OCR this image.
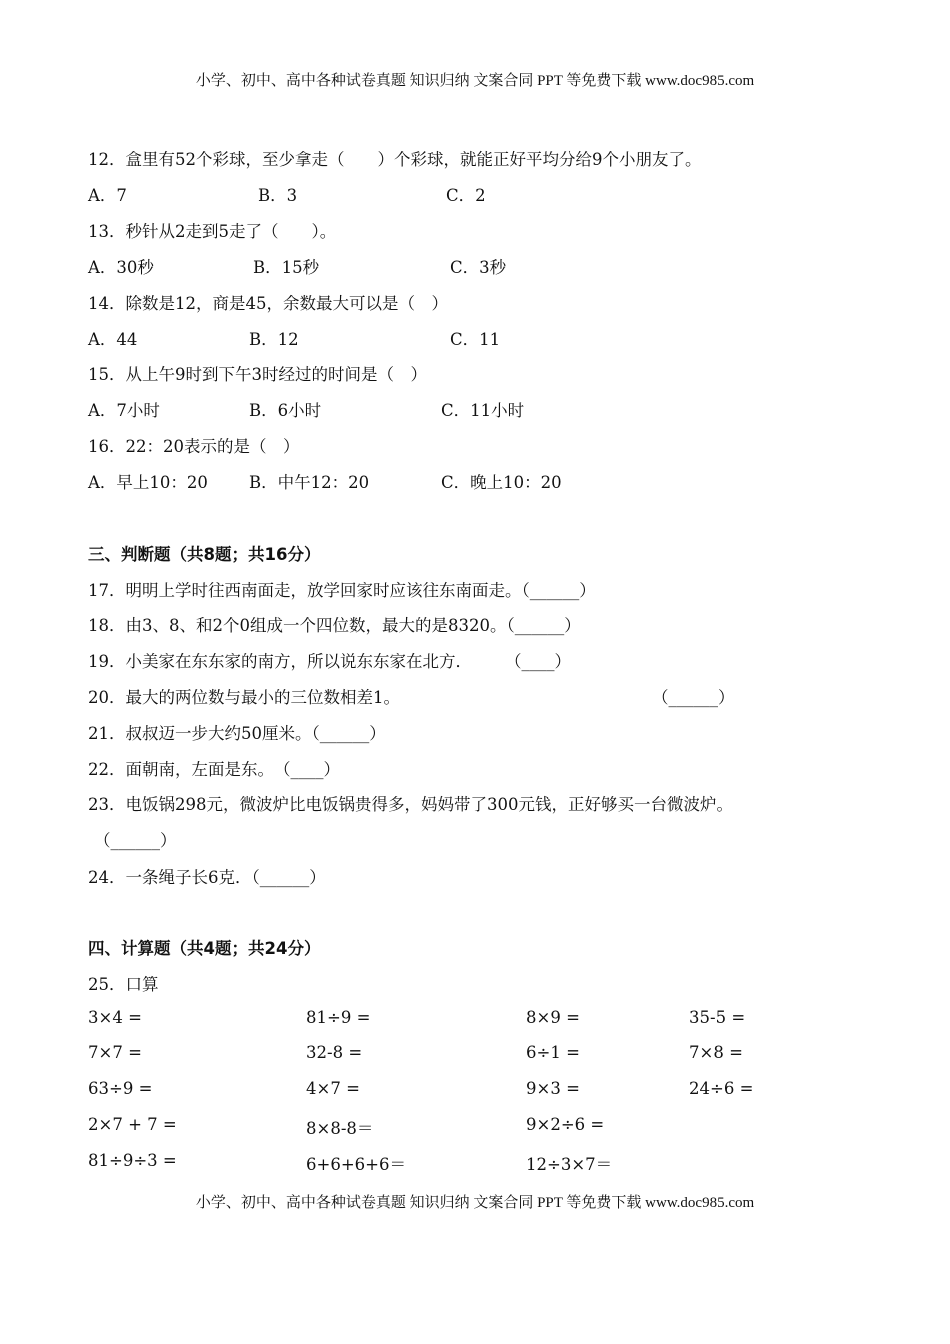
小学、初中、高中各种试卷真题 知识归纳 文案合同 PPT 等免费下载 www.doc985.com
12．盒里有52个彩球，至少拿走（　　）个彩球，就能正好平均分给9个小朋友了。
A．7	B．3	C．2
13．秒针从2走到5走了（　　）。
A．30秒	B．15秒	C．3秒
14．除数是12，商是45，余数最大可以是（　）
A．44	B．12	C．11
15．从上午9时到下午3时经过的时间是（　）
A．7小时	B．6小时	C．11小时
16．22：20表示的是（　）
A．早上10：20 B．中午12：20	C．晚上10：20
三、判断题（共8题；共16分）
17．明明上学时往西南面走，放学回家时应该往东南面走。（______）
18．由3、8、和2个0组成一个四位数，最大的是8320。（______）
19．小美家在东东家的南方，所以说东东家在北方．　　　（____）
20．最大的两位数与最小的三位数相差1。	（______）
21．叔叔迈一步大约50厘米。（______）
22．面朝南，左面是东。　（____）
23．电饭锅298元，微波炉比电饭锅贵得多，妈妈带了300元钱，正好够买一台微波炉。
（______）
24．一条绳子长6克．（______）
四、计算题（共4题；共24分）
25．口算
3×4 =	81÷9 =	8×9 =	35-5 =
7×7 =	32-8 =	6÷1 =	7×8 =
63÷9 =	4×7 =	9×3 =	24÷6 =
2×7 + 7 =	8×8-8＝	9×2÷6 =
81÷9÷3 =	6+6+6+6＝	12÷3×7＝
小学、初中、高中各种试卷真题 知识归纳 文案合同 PPT 等免费下载 www.doc985.com
